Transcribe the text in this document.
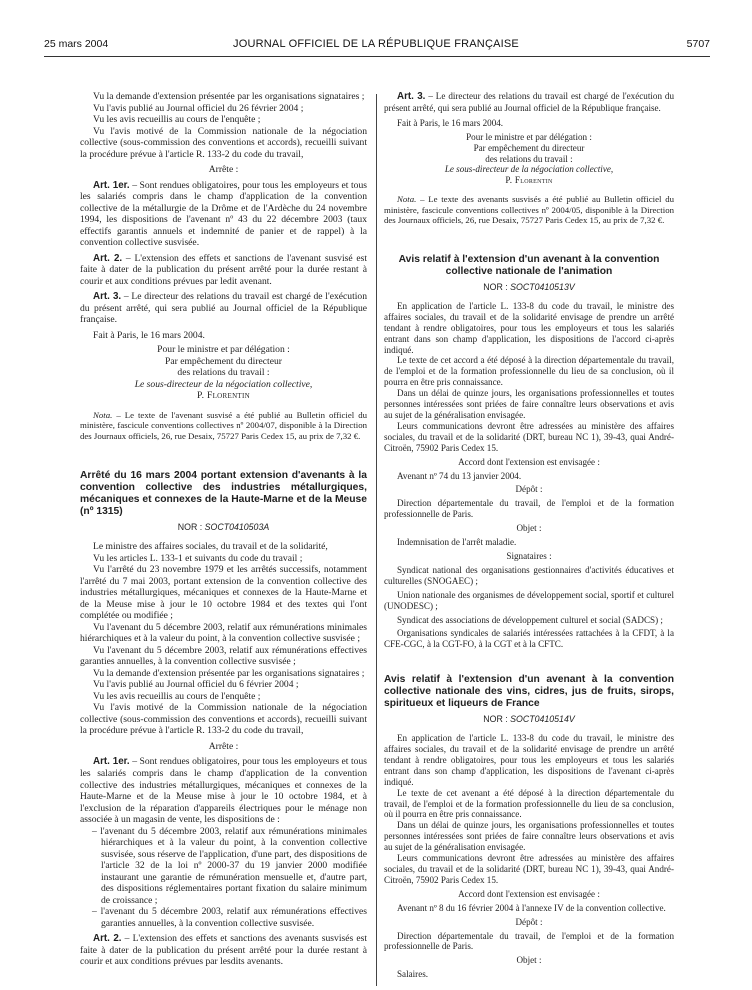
25 mars 2004	JOURNAL OFFICIEL DE LA RÉPUBLIQUE FRANÇAISE	5707

Vu la demande d'extension présentée par les organisations signataires ;

Vu l'avis publié au Journal officiel du 26 février 2004 ;

Vu les avis recueillis au cours de l'enquête ;

Vu l'avis motivé de la Commission nationale de la négociation collective (sous-commission des conventions et accords), recueilli suivant la procédure prévue à l'article R. 133-2 du code du travail,

Arrête :

Art. 1er. – Sont rendues obligatoires, pour tous les employeurs et tous les salariés compris dans le champ d'application de la convention collective de la métallurgie de la Drôme et de l'Ardèche du 24 novembre 1994, les dispositions de l'avenant nº 43 du 22 décembre 2003 (taux effectifs garantis annuels et indemnité de panier et de rappel) à la convention collective susvisée.

Art. 2. – L'extension des effets et sanctions de l'avenant susvisé est faite à dater de la publication du présent arrêté pour la durée restant à courir et aux conditions prévues par ledit avenant.

Art. 3. – Le directeur des relations du travail est chargé de l'exécution du présent arrêté, qui sera publié au Journal officiel de la République française.

Fait à Paris, le 16 mars 2004.

Pour le ministre et par délégation :

Par empêchement du directeur

des relations du travail :

Le sous-directeur de la négociation collective,

P. Florentin

Nota. – Le texte de l'avenant susvisé a été publié au Bulletin officiel du ministère, fascicule conventions collectives nº 2004/07, disponible à la Direction des Journaux officiels, 26, rue Desaix, 75727 Paris Cedex 15, au prix de 7,32 €.

Arrêté du 16 mars 2004 portant extension d'avenants à la convention collective des industries métallurgiques, mécaniques et connexes de la Haute-Marne et de la Meuse (nº 1315)
NOR : SOCT0410503A

Le ministre des affaires sociales, du travail et de la solidarité,

Vu les articles L. 133-1 et suivants du code du travail ;

Vu l'arrêté du 23 novembre 1979 et les arrêtés successifs, notamment l'arrêté du 7 mai 2003, portant extension de la convention collective des industries métallurgiques, mécaniques et connexes de la Haute-Marne et de la Meuse mise à jour le 10 octobre 1984 et des textes qui l'ont complétée ou modifiée ;

Vu l'avenant du 5 décembre 2003, relatif aux rémunérations minimales hiérarchiques et à la valeur du point, à la convention collective susvisée ;

Vu l'avenant du 5 décembre 2003, relatif aux rémunérations effectives garanties annuelles, à la convention collective susvisée ;

Vu la demande d'extension présentée par les organisations signataires ;

Vu l'avis publié au Journal officiel du 6 février 2004 ;

Vu les avis recueillis au cours de l'enquête ;

Vu l'avis motivé de la Commission nationale de la négociation collective (sous-commission des conventions et accords), recueilli suivant la procédure prévue à l'article R. 133-2 du code du travail,

Arrête :

Art. 1er. – Sont rendues obligatoires, pour tous les employeurs et tous les salariés compris dans le champ d'application de la convention collective des industries métallurgiques, mécaniques et connexes de la Haute-Marne et de la Meuse mise à jour le 10 octobre 1984, et à l'exclusion de la réparation d'appareils électriques pour le ménage non associée à un magasin de vente, les dispositions de :

– l'avenant du 5 décembre 2003, relatif aux rémunérations minimales hiérarchiques et à la valeur du point, à la convention collective susvisée, sous réserve de l'application, d'une part, des dispositions de l'article 32 de la loi nº 2000-37 du 19 janvier 2000 modifiée instaurant une garantie de rémunération mensuelle et, d'autre part, des dispositions réglementaires portant fixation du salaire minimum de croissance ;
– l'avenant du 5 décembre 2003, relatif aux rémunérations effectives garanties annuelles, à la convention collective susvisée.

Art. 2. – L'extension des effets et sanctions des avenants susvisés est faite à dater de la publication du présent arrêté pour la durée restant à courir et aux conditions prévues par lesdits avenants.

Art. 3. – Le directeur des relations du travail est chargé de l'exécution du présent arrêté, qui sera publié au Journal officiel de la République française.

Fait à Paris, le 16 mars 2004.

Pour le ministre et par délégation :

Par empêchement du directeur

des relations du travail :

Le sous-directeur de la négociation collective,

P. Florentin

Nota. – Le texte des avenants susvisés a été publié au Bulletin officiel du ministère, fascicule conventions collectives nº 2004/05, disponible à la Direction des Journaux officiels, 26, rue Desaix, 75727 Paris Cedex 15, au prix de 7,32 €.

Avis relatif à l'extension d'un avenant à la convention collective nationale de l'animation
NOR : SOCT0410513V

En application de l'article L. 133-8 du code du travail, le ministre des affaires sociales, du travail et de la solidarité envisage de prendre un arrêté tendant à rendre obligatoires, pour tous les employeurs et tous les salariés entrant dans son champ d'application, les dispositions de l'accord ci-après indiqué.

Le texte de cet accord a été déposé à la direction départementale du travail, de l'emploi et de la formation professionnelle du lieu de sa conclusion, où il pourra en être pris connaissance.

Dans un délai de quinze jours, les organisations professionnelles et toutes personnes intéressées sont priées de faire connaître leurs observations et avis au sujet de la généralisation envisagée.

Leurs communications devront être adressées au ministère des affaires sociales, du travail et de la solidarité (DRT, bureau NC 1), 39-43, quai André-Citroën, 75902 Paris Cedex 15.

Accord dont l'extension est envisagée :

Avenant nº 74 du 13 janvier 2004.

Dépôt :

Direction départementale du travail, de l'emploi et de la formation professionnelle de Paris.

Objet :

Indemnisation de l'arrêt maladie.

Signataires :

Syndicat national des organisations gestionnaires d'activités éducatives et culturelles (SNOGAEC) ;

Union nationale des organismes de développement social, sportif et culturel (UNODESC) ;

Syndicat des associations de développement culturel et social (SADCS) ;

Organisations syndicales de salariés intéressées rattachées à la CFDT, à la CFE-CGC, à la CGT-FO, à la CGT et à la CFTC.

Avis relatif à l'extension d'un avenant à la convention collective nationale des vins, cidres, jus de fruits, sirops, spiritueux et liqueurs de France
NOR : SOCT0410514V

En application de l'article L. 133-8 du code du travail, le ministre des affaires sociales, du travail et de la solidarité envisage de prendre un arrêté tendant à rendre obligatoires, pour tous les employeurs et tous les salariés entrant dans son champ d'application, les dispositions de l'avenant ci-après indiqué.

Le texte de cet avenant a été déposé à la direction départementale du travail, de l'emploi et de la formation professionnelle du lieu de sa conclusion, où il pourra en être pris connaissance.

Dans un délai de quinze jours, les organisations professionnelles et toutes personnes intéressées sont priées de faire connaître leurs observations et avis au sujet de la généralisation envisagée.

Leurs communications devront être adressées au ministère des affaires sociales, du travail et de la solidarité (DRT, bureau NC 1), 39-43, quai André-Citroën, 75902 Paris Cedex 15.

Accord dont l'extension est envisagée :

Avenant nº 8 du 16 février 2004 à l'annexe IV de la convention collective.

Dépôt :

Direction départementale du travail, de l'emploi et de la formation professionnelle de Paris.

Objet :

Salaires.
